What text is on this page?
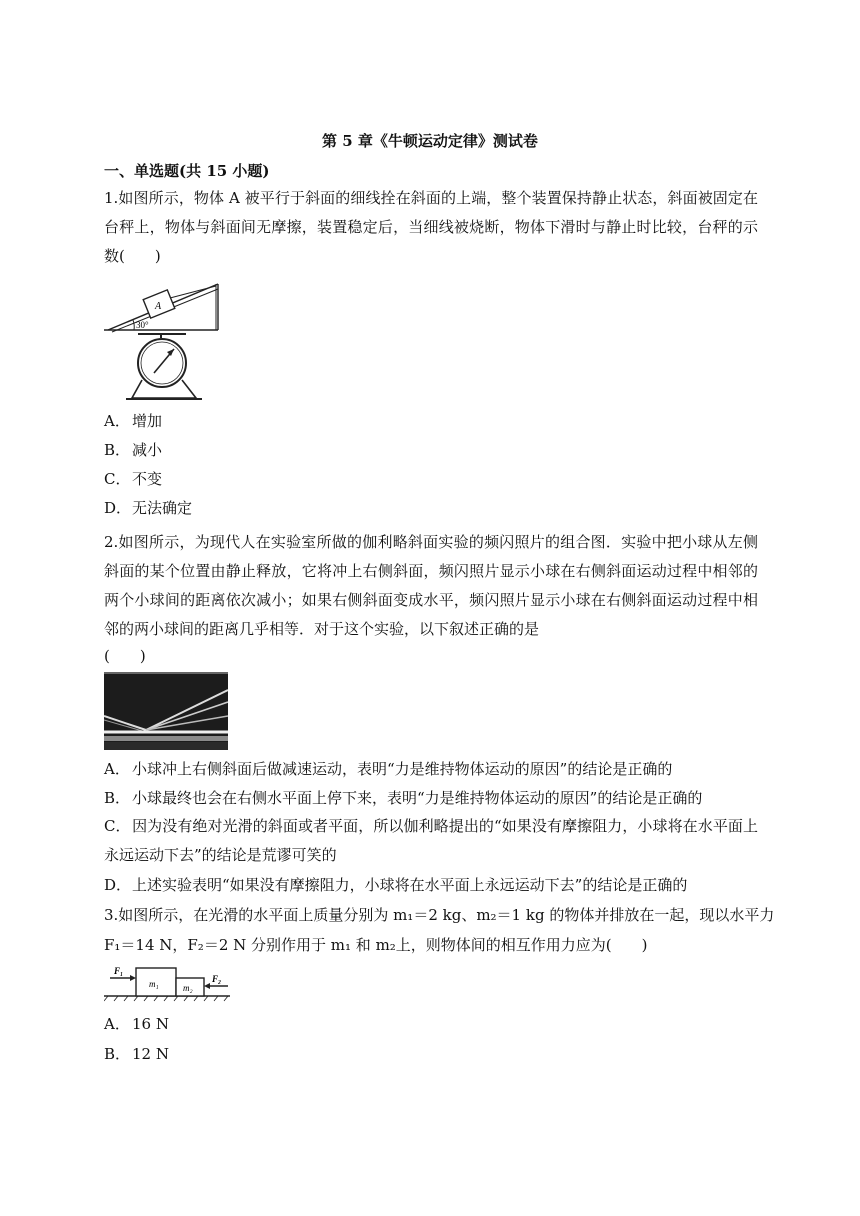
第 5 章《牛顿运动定律》测试卷
一、单选题(共 15 小题)
1.如图所示，物体 A 被平行于斜面的细线拴在斜面的上端，整个装置保持静止状态，斜面被固定在台秤上，物体与斜面间无摩擦，装置稳定后，当细线被烧断，物体下滑时与静止时比较，台秤的示数(　　)
A
30°
A． 增加
B． 减小
C． 不变
D．无法确定
2.如图所示，为现代人在实验室所做的伽利略斜面实验的频闪照片的组合图．实验中把小球从左侧斜面的某个位置由静止释放，它将冲上右侧斜面，频闪照片显示小球在右侧斜面运动过程中相邻的两个小球间的距离依次减小；如果右侧斜面变成水平，频闪照片显示小球在右侧斜面运动过程中相邻的两小球间的距离几乎相等．对于这个实验，以下叙述正确的是
(　　)
A． 小球冲上右侧斜面后做减速运动，表明“力是维持物体运动的原因”的结论是正确的
B． 小球最终也会在右侧水平面上停下来，表明“力是维持物体运动的原因”的结论是正确的
C． 因为没有绝对光滑的斜面或者平面，所以伽利略提出的“如果没有摩擦阻力，小球将在水平面上永远运动下去”的结论是荒谬可笑的
D．上述实验表明“如果没有摩擦阻力，小球将在水平面上永远运动下去”的结论是正确的
3.如图所示，在光滑的水平面上质量分别为 m₁＝2 kg、m₂＝1 kg 的物体并排放在一起，现以水平力
F₁＝14 N，F₂＝2 N 分别作用于 m₁ 和 m₂上，则物体间的相互作用力应为(　　)
m₁	m₂
F₁
F₂
A． 16 N
B． 12 N
